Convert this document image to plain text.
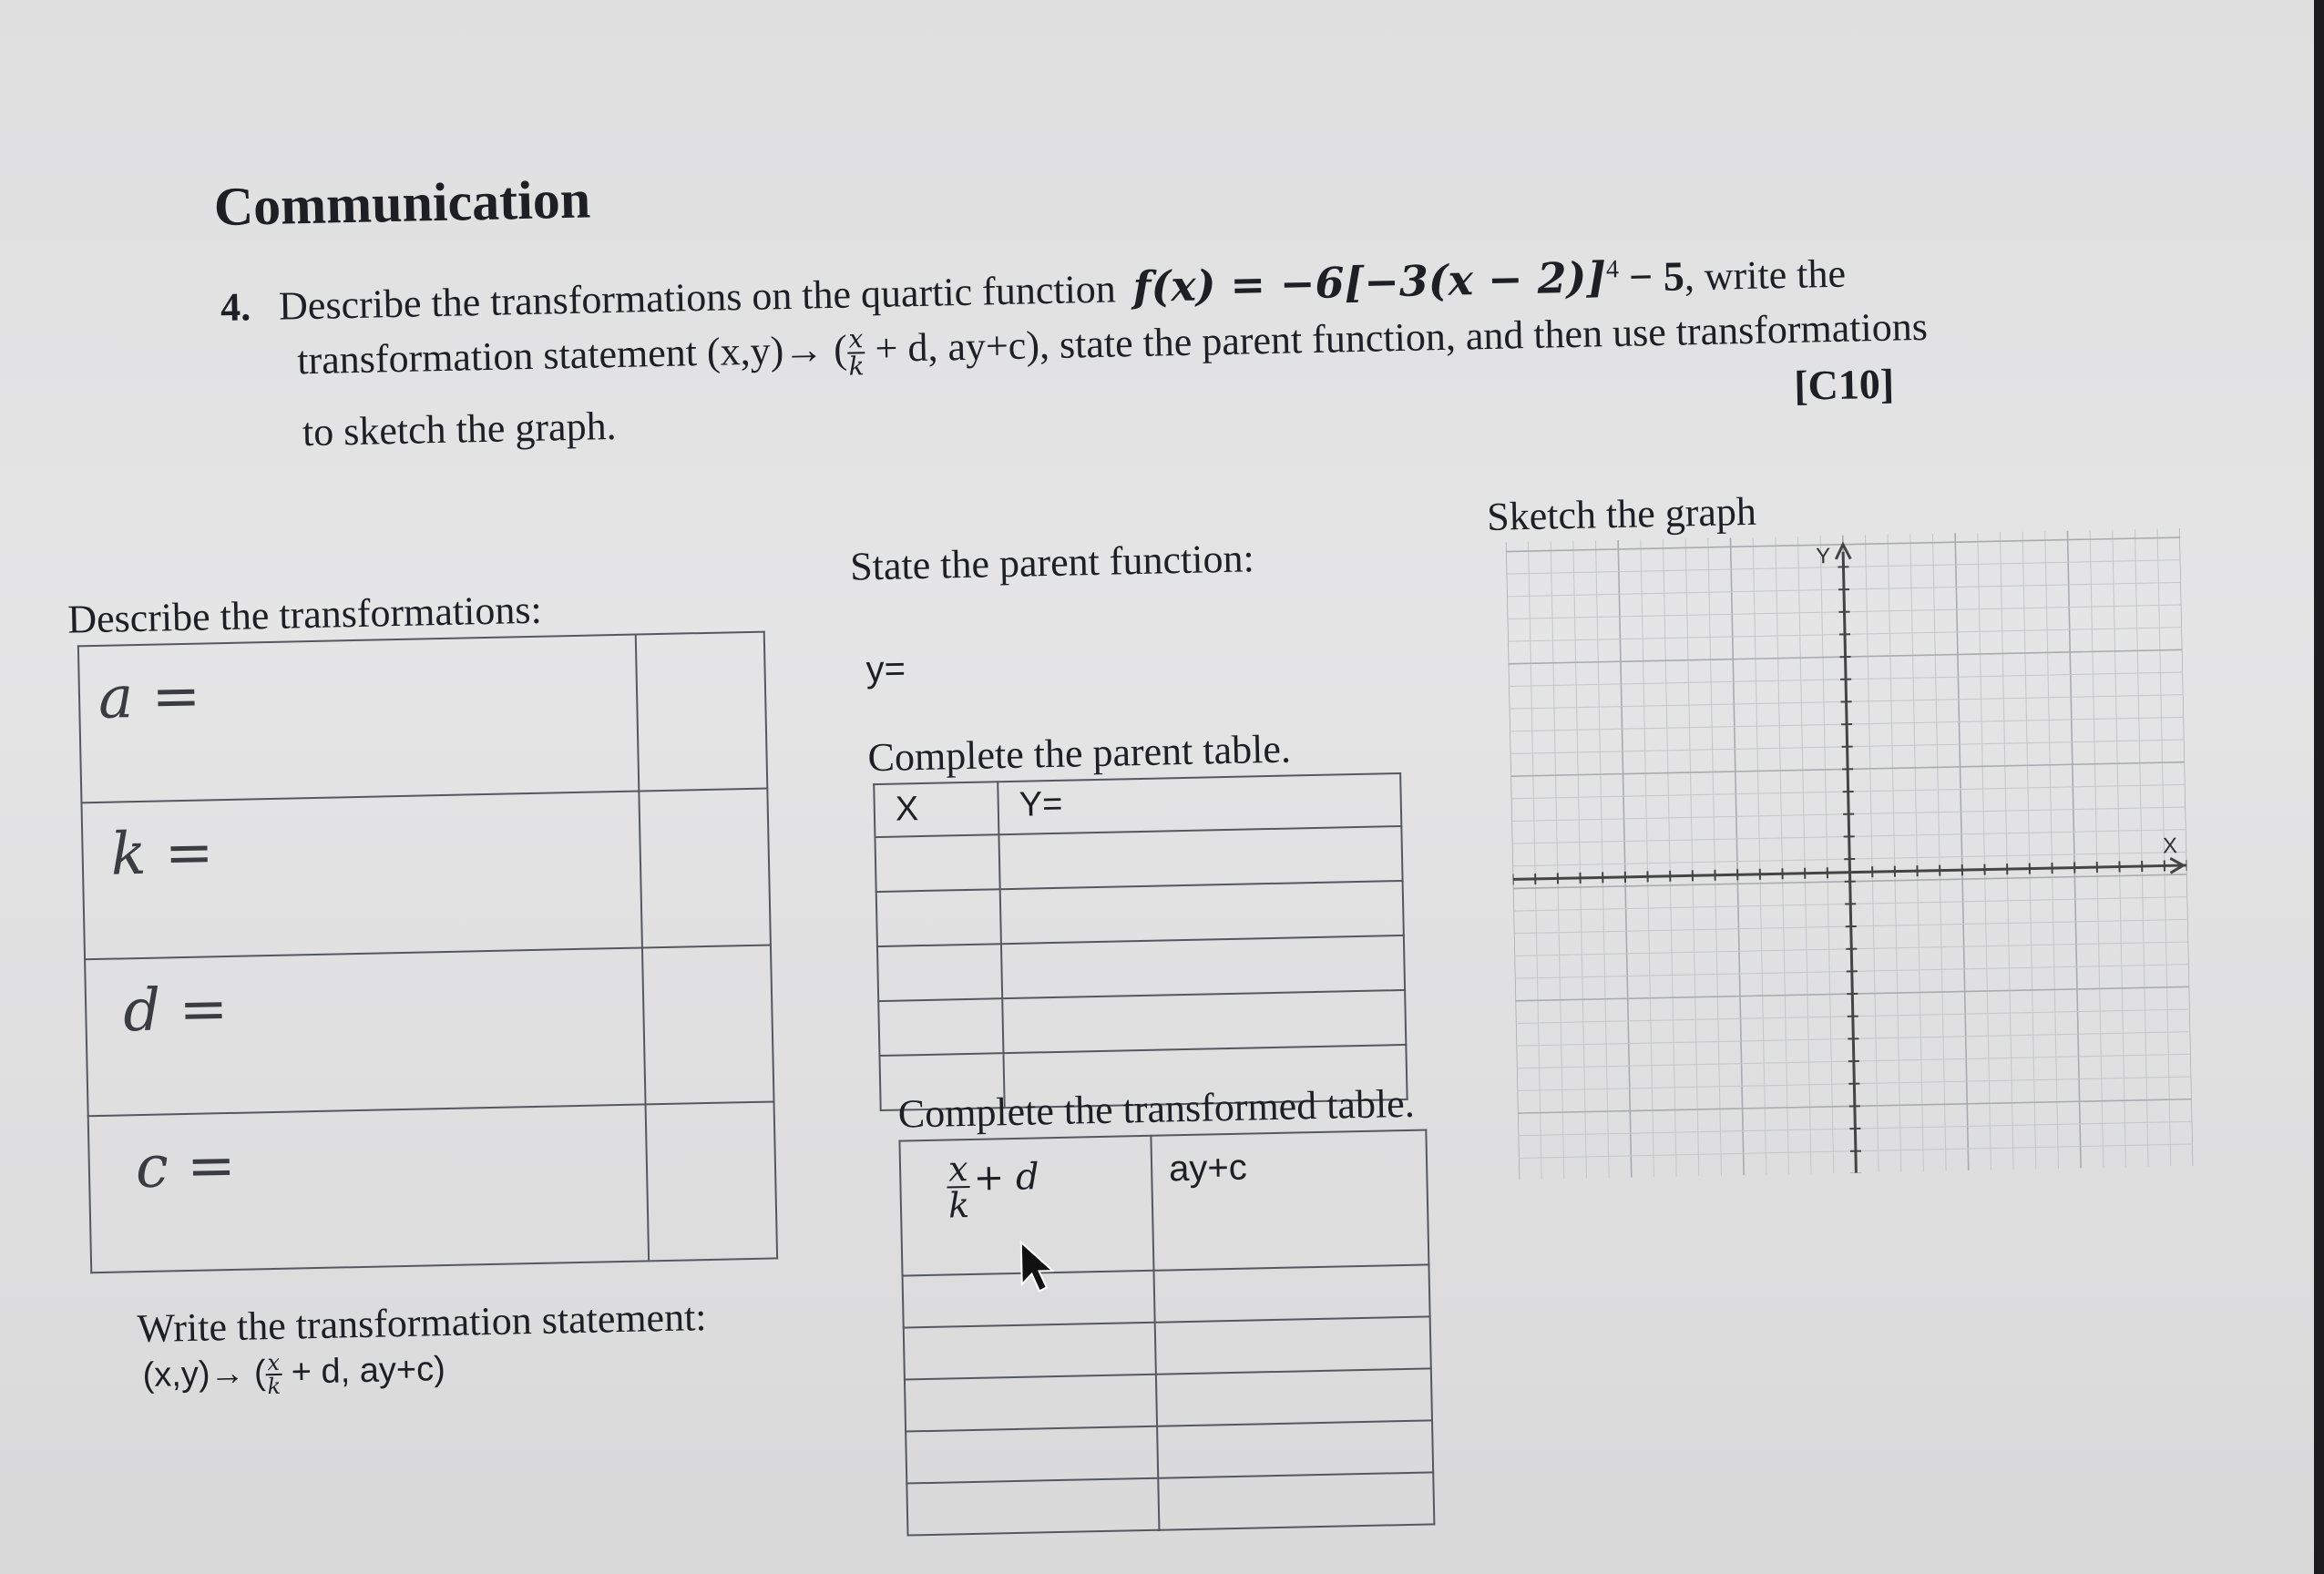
Communication
4. Describe the transformations on the quartic function $f(x) = -6[-3(x - 2)]^4 - 5$, write the
transformation statement (x,y)→ (
$\frac{x}{k} + d$, ay+c), state the parent function, and then use transformations
[C10]
to sketch the graph.
Describe the transformations:
a =	
k =	
d =	
c =	
Write the transformation statement:
(x,y)→ ( $\frac{x}{k} + d$, ay+c)
State the parent function:
y=
Complete the parent table.
X	Y=

Complete the transformed table.
$\frac{x}{k} + d$	ay+c

Sketch the graph
Y
X
